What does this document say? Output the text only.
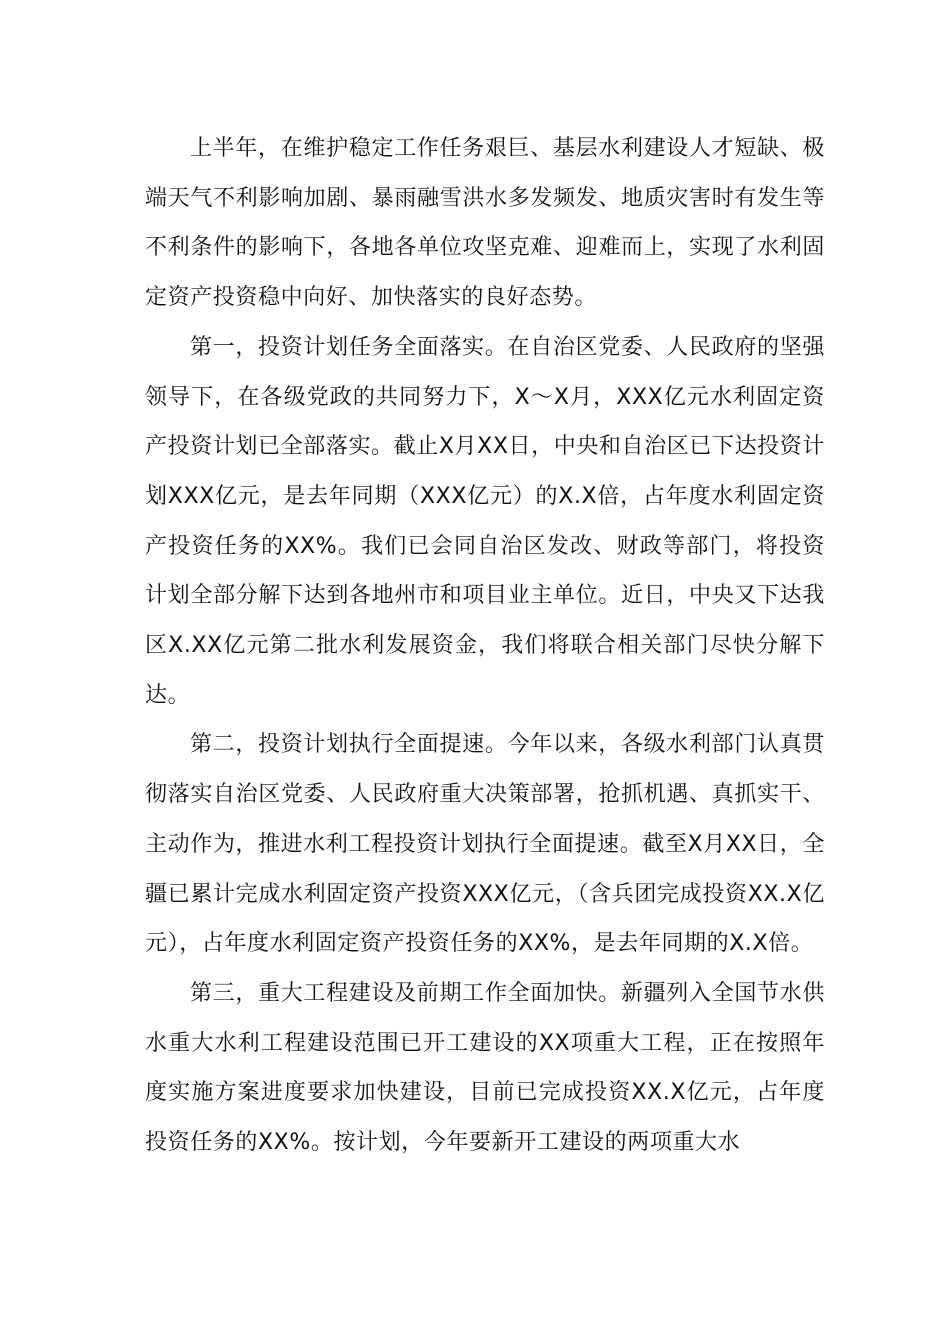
上半年，在维护稳定工作任务艰巨、基层水利建设人才短缺、极端天气不利影响加剧、暴雨融雪洪水多发频发、地质灾害时有发生等不利条件的影响下，各地各单位攻坚克难、迎难而上，实现了水利固定资产投资稳中向好、加快落实的良好态势。

第一，投资计划任务全面落实。在自治区党委、人民政府的坚强领导下，在各级党政的共同努力下，X～X月，XXX亿元水利固定资产投资计划已全部落实。截止X月XX日，中央和自治区已下达投资计划XXX亿元，是去年同期（XXX亿元）的X.X倍，占年度水利固定资产投资任务的XX%。我们已会同自治区发改、财政等部门，将投资计划全部分解下达到各地州市和项目业主单位。近日，中央又下达我区X.XX亿元第二批水利发展资金，我们将联合相关部门尽快分解下达。

第二，投资计划执行全面提速。今年以来，各级水利部门认真贯彻落实自治区党委、人民政府重大决策部署，抢抓机遇、真抓实干、主动作为，推进水利工程投资计划执行全面提速。截至X月XX日，全疆已累计完成水利固定资产投资XXX亿元，（含兵团完成投资XX.X亿元），占年度水利固定资产投资任务的XX%，是去年同期的X.X倍。

第三，重大工程建设及前期工作全面加快。新疆列入全国节水供水重大水利工程建设范围已开工建设的XX项重大工程，正在按照年度实施方案进度要求加快建设，目前已完成投资XX.X亿元，占年度投资任务的XX%。按计划，今年要新开工建设的两项重大水
